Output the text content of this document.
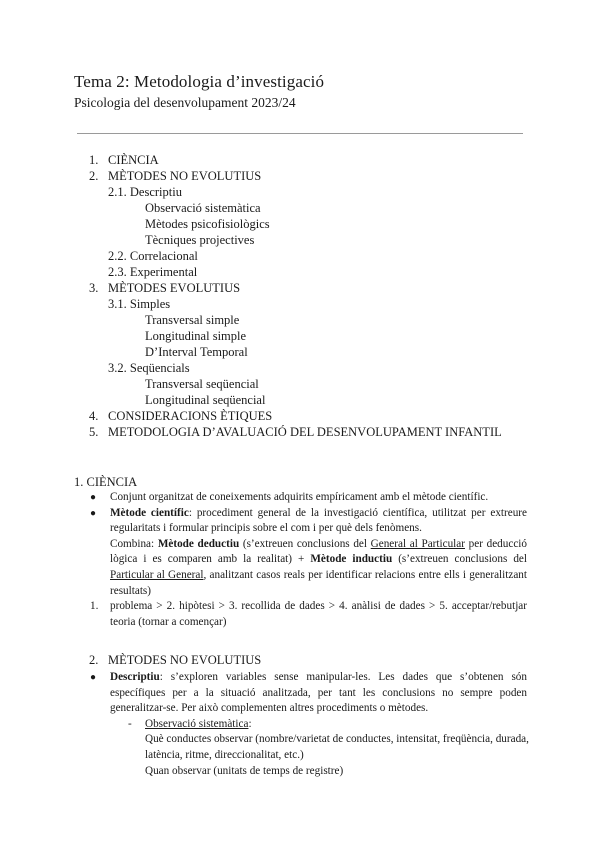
Tema 2: Metodologia d’investigació
Psicologia del desenvolupament 2023/24
1. CIÈNCIA
2. MÈTODES NO EVOLUTIUS
2.1. Descriptiu
Observació sistemàtica
Mètodes psicofisiològics
Tècniques projectives
2.2. Correlacional
2.3. Experimental
3. MÈTODES EVOLUTIUS
3.1. Simples
Transversal simple
Longitudinal simple
D’Interval Temporal
3.2. Seqüencials
Transversal seqüencial
Longitudinal seqüencial
4. CONSIDERACIONS ÈTIQUES
5. METODOLOGIA D’AVALUACIÓ DEL DESENVOLUPAMENT INFANTIL
1. CIÈNCIA
● Conjunt organitzat de coneixements adquirits empíricament amb el mètode científic.
● Mètode científic: procediment general de la investigació científica, utilitzat per extreure
regularitats i formular principis sobre el com i per què dels fenòmens.
Combina: Mètode deductiu (s’extreuen conclusions del General al Particular per deducció
lògica i es comparen amb la realitat) + Mètode inductiu (s’extreuen conclusions del
Particular al General, analitzant casos reals per identificar relacions entre ells i generalitzant
resultats)
1. problema > 2. hipòtesi > 3. recollida de dades > 4. anàlisi de dades > 5. acceptar/rebutjar
teoria (tornar a començar)
2. MÈTODES NO EVOLUTIUS
● Descriptiu: s’exploren variables sense manipular-les. Les dades que s’obtenen són
específiques per a la situació analitzada, per tant les conclusions no sempre poden
generalitzar-se. Per això complementen altres procediments o mètodes.
- Observació sistemàtica:
Què conductes observar (nombre/varietat de conductes, intensitat, freqüència, durada,
latència, ritme, direccionalitat, etc.)
Quan observar (unitats de temps de registre)
